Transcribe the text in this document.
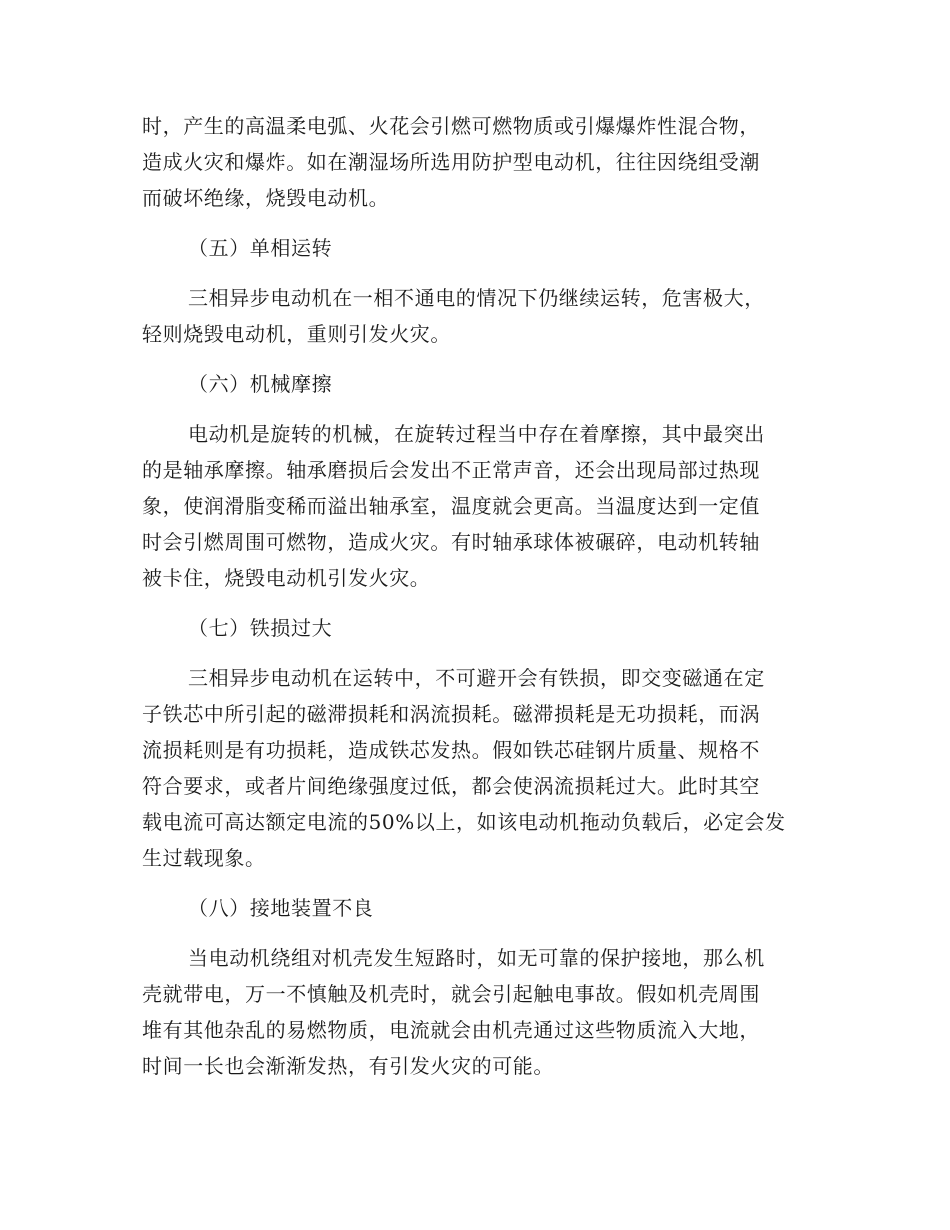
时，产生的高温柔电弧、火花会引燃可燃物质或引爆爆炸性混合物，
造成火灾和爆炸。如在潮湿场所选用防护型电动机，往往因绕组受潮
而破坏绝缘，烧毁电动机。
（五）单相运转
三相异步电动机在一相不通电的情况下仍继续运转，危害极大，
轻则烧毁电动机，重则引发火灾。
（六）机械摩擦
电动机是旋转的机械，在旋转过程当中存在着摩擦，其中最突出
的是轴承摩擦。轴承磨损后会发出不正常声音，还会出现局部过热现
象，使润滑脂变稀而溢出轴承室，温度就会更高。当温度达到一定值
时会引燃周围可燃物，造成火灾。有时轴承球体被碾碎，电动机转轴
被卡住，烧毁电动机引发火灾。
（七）铁损过大
三相异步电动机在运转中，不可避开会有铁损，即交变磁通在定
子铁芯中所引起的磁滞损耗和涡流损耗。磁滞损耗是无功损耗，而涡
流损耗则是有功损耗，造成铁芯发热。假如铁芯硅钢片质量、规格不
符合要求，或者片间绝缘强度过低，都会使涡流损耗过大。此时其空
载电流可高达额定电流的50%以上，如该电动机拖动负载后，必定会发
生过载现象。
（八）接地装置不良
当电动机绕组对机壳发生短路时，如无可靠的保护接地，那么机
壳就带电，万一不慎触及机壳时，就会引起触电事故。假如机壳周围
堆有其他杂乱的易燃物质，电流就会由机壳通过这些物质流入大地，
时间一长也会渐渐发热，有引发火灾的可能。
